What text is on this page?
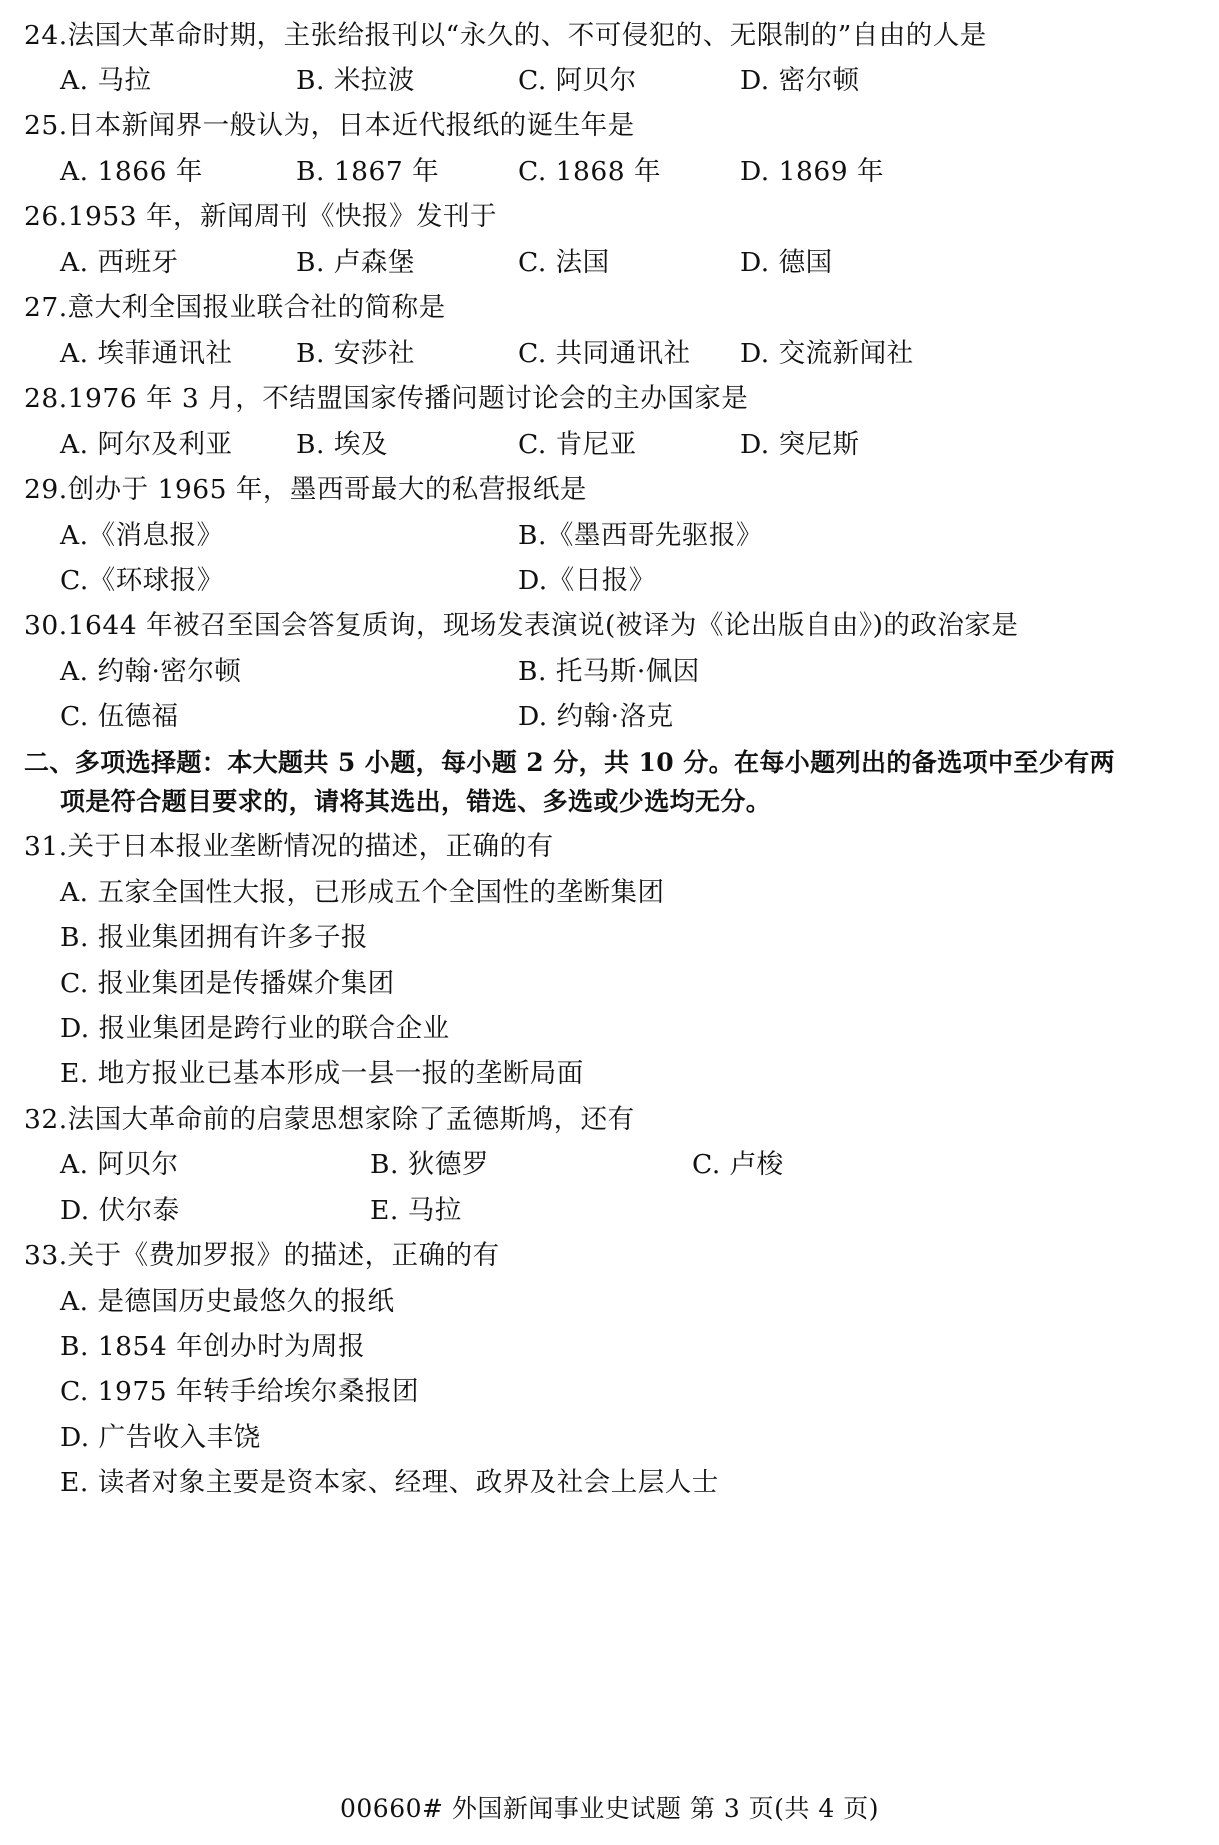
24.法国大革命时期，主张给报刊以“永久的、不可侵犯的、无限制的”自由的人是
A. 马拉	B. 米拉波	C. 阿贝尔	D. 密尔顿
25.日本新闻界一般认为，日本近代报纸的诞生年是
A. 1866 年	B. 1867 年	C. 1868 年	D. 1869 年
26.1953 年，新闻周刊《快报》发刊于
A. 西班牙	B. 卢森堡	C. 法国	D. 德国
27.意大利全国报业联合社的简称是
A. 埃菲通讯社 B. 安莎社	C. 共同通讯社 D. 交流新闻社
28.1976 年 3 月，不结盟国家传播问题讨论会的主办国家是
A. 阿尔及利亚 B. 埃及	C. 肯尼亚	D. 突尼斯
29.创办于 1965 年，墨西哥最大的私营报纸是
A.《消息报》	B.《墨西哥先驱报》
C.《环球报》	D.《日报》
30.1644 年被召至国会答复质询，现场发表演说(被译为《论出版自由》)的政治家是
A. 约翰·密尔顿	B. 托马斯·佩因
C. 伍德福	D. 约翰·洛克
二、多项选择题：本大题共 5 小题，每小题 2 分，共 10 分。在每小题列出的备选项中至少有两
项是符合题目要求的，请将其选出，错选、多选或少选均无分。
31.关于日本报业垄断情况的描述，正确的有
A. 五家全国性大报，已形成五个全国性的垄断集团
B. 报业集团拥有许多子报
C. 报业集团是传播媒介集团
D. 报业集团是跨行业的联合企业
E. 地方报业已基本形成一县一报的垄断局面
32.法国大革命前的启蒙思想家除了孟德斯鸠，还有
A. 阿贝尔	B. 狄德罗	C. 卢梭
D. 伏尔泰	E. 马拉
33.关于《费加罗报》的描述，正确的有
A. 是德国历史最悠久的报纸
B. 1854 年创办时为周报
C. 1975 年转手给埃尔桑报团
D. 广告收入丰饶
E. 读者对象主要是资本家、经理、政界及社会上层人士
00660# 外国新闻事业史试题 第 3 页(共 4 页)
